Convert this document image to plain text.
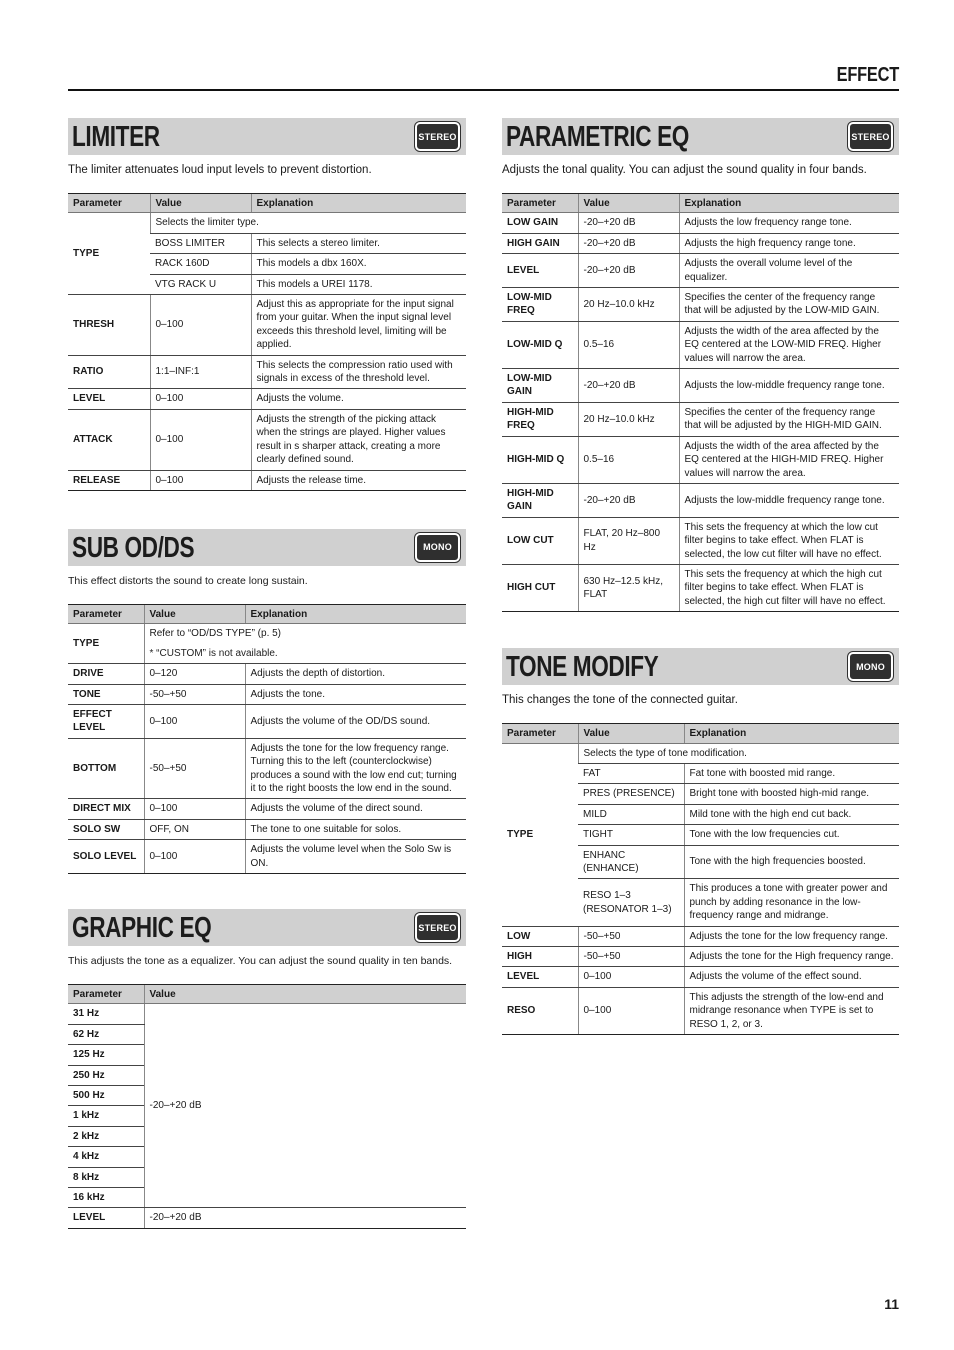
EFFECT
LIMITER	STEREO

The limiter attenuates loud input levels to prevent distortion.

Parameter	Value	Explanation
TYPE	Selects the limiter type.	
	BOSS LIMITER	This selects a stereo limiter.
	RACK 160D	This models a dbx 160X.
	VTG RACK U	This models a UREI 1178.
THRESH	0–100	Adjust this as appropriate for the input signal from your guitar. When the input signal level exceeds this threshold level, limiting will be applied.
RATIO	1:1–INF:1	This selects the compression ratio used with signals in excess of the threshold level.
LEVEL	0–100	Adjusts the volume.
ATTACK	0–100	Adjusts the strength of the picking attack when the strings are played. Higher values result in s sharper attack, creating a more clearly defined sound.
RELEASE	0–100	Adjusts the release time.
SUB OD/DS	MONO

This effect distorts the sound to create long sustain.

Parameter	Value	Explanation
TYPE	Refer to “OD/DS TYPE” (p. 5)
* “CUSTOM” is not available.	

DRIVE	0–120	Adjusts the depth of distortion.
TONE	-50–+50	Adjusts the tone.
EFFECT LEVEL	0–100	Adjusts the volume of the OD/DS sound.
BOTTOM	-50–+50	Adjusts the tone for the low frequency range. Turning this to the left (counterclockwise) produces a sound with the low end cut; turning it to the right boosts the low end in the sound.
DIRECT MIX	0–100	Adjusts the volume of the direct sound.
SOLO SW	OFF, ON	The tone to one suitable for solos.
SOLO LEVEL	0–100	Adjusts the volume level when the Solo Sw is ON.
GRAPHIC EQ	STEREO

This adjusts the tone as a equalizer. You can adjust the sound quality in ten bands.

Parameter	Value
31 Hz	-20–+20 dB
62 Hz	
125 Hz	
250 Hz	
500 Hz	
1 kHz	
2 kHz	
4 kHz	
8 kHz	
16 kHz	
LEVEL	-20–+20 dB
PARAMETRIC EQ	STEREO

Adjusts the tonal quality. You can adjust the sound quality in four bands.

Parameter	Value	Explanation
LOW GAIN	-20–+20 dB	Adjusts the low frequency range tone.
HIGH GAIN	-20–+20 dB	Adjusts the high frequency range tone.
LEVEL	-20–+20 dB	Adjusts the overall volume level of the equalizer.
LOW-MID FREQ	20 Hz–10.0 kHz	Specifies the center of the frequency range that will be adjusted by the LOW-MID GAIN.
LOW-MID Q	0.5–16	Adjusts the width of the area affected by the EQ centered at the LOW-MID FREQ. Higher values will narrow the area.
LOW-MID GAIN	-20–+20 dB	Adjusts the low-middle frequency range tone.
HIGH-MID FREQ	20 Hz–10.0 kHz	Specifies the center of the frequency range that will be adjusted by the HIGH-MID GAIN.
HIGH-MID Q	0.5–16	Adjusts the width of the area affected by the EQ centered at the HIGH-MID FREQ. Higher values will narrow the area.
HIGH-MID GAIN	-20–+20 dB	Adjusts the low-middle frequency range tone.
LOW CUT	FLAT, 20 Hz–800 Hz	This sets the frequency at which the low cut filter begins to take effect. When FLAT is selected, the low cut filter will have no effect.
HIGH CUT	630 Hz–12.5 kHz, FLAT	This sets the frequency at which the high cut filter begins to take effect. When FLAT is selected, the high cut filter will have no effect.
TONE MODIFY	MONO

This changes the tone of the connected guitar.

Parameter	Value	Explanation
TYPE	Selects the type of tone modification.	
	FAT	Fat tone with boosted mid range.
	PRES (PRESENCE)	Bright tone with boosted high-mid range.
	MILD	Mild tone with the high end cut back.
	TIGHT	Tone with the low frequencies cut.
	ENHANC (ENHANCE)	Tone with the high frequencies boosted.
	RESO 1–3 (RESONATOR 1–3)	This produces a tone with greater power and punch by adding resonance in the low-frequency range and midrange.
LOW	-50–+50	Adjusts the tone for the low frequency range.
HIGH	-50–+50	Adjusts the tone for the High frequency range.
LEVEL	0–100	Adjusts the volume of the effect sound.
RESO	0–100	This adjusts the strength of the low-end and midrange resonance when TYPE is set to RESO 1, 2, or 3.
11
